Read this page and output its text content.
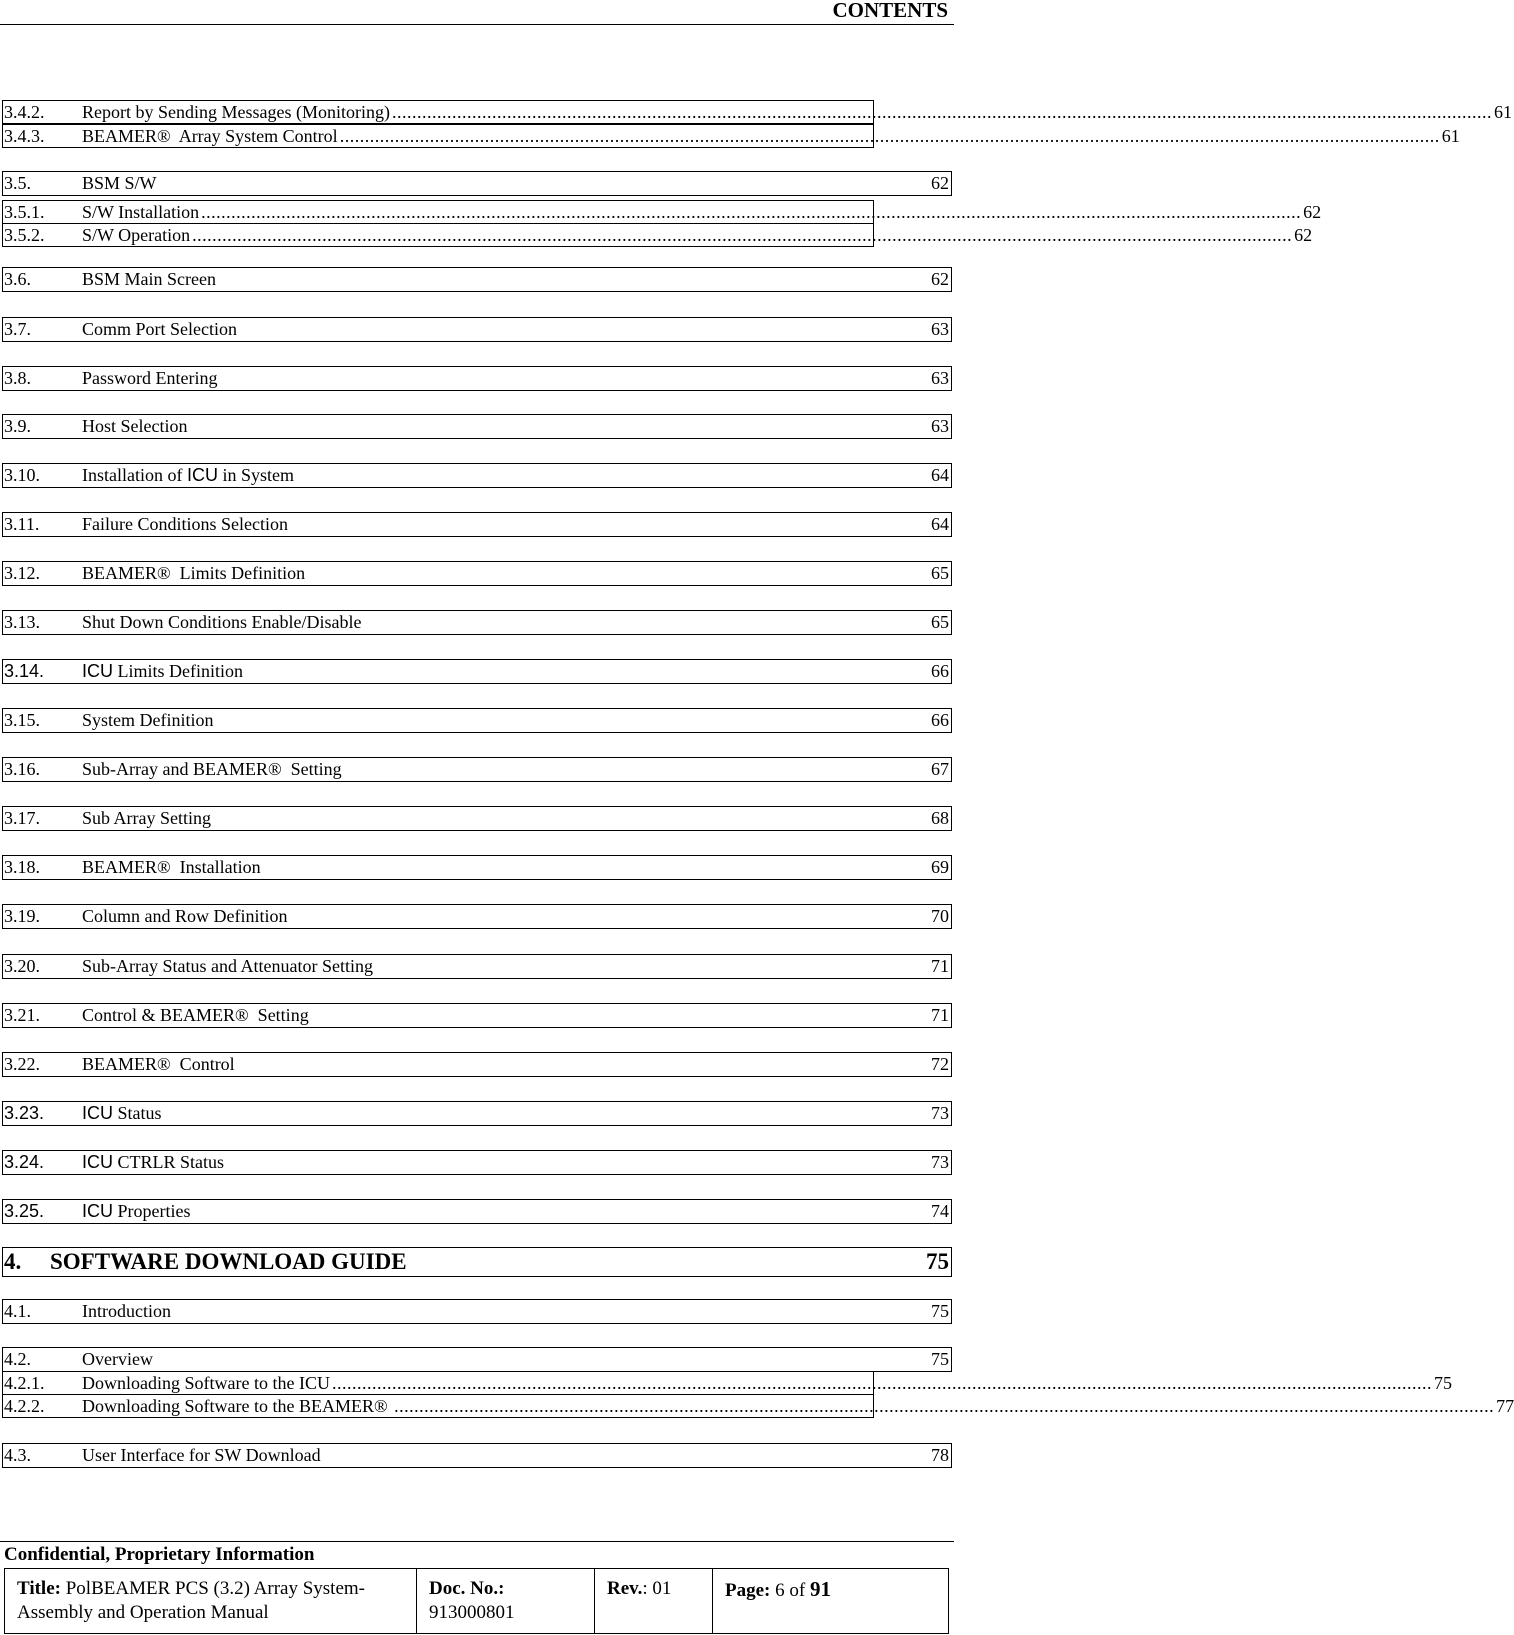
CONTENTS
3.4.2.	Report by Sending Messages (Monitoring) ............................................................................................................................................................................................................................ 61
3.4.3.	BEAMER®  Array System Control ............................................................................................................................................................................................................................ 61
3.5.	BSM S/W	62
3.5.1.	S/W Installation ............................................................................................................................................................................................................................ 62
3.5.2.	S/W Operation ............................................................................................................................................................................................................................ 62
3.6.	BSM Main Screen	62
3.7.	Comm Port Selection	63
3.8.	Password Entering	63
3.9.	Host Selection	63
3.10.	Installation of ICU in System	64
3.11.	Failure Conditions Selection	64
3.12.	BEAMER®  Limits Definition	65
3.13.	Shut Down Conditions Enable/Disable	65
3.14.	ICU Limits Definition	66
3.15.	System Definition	66
3.16.	Sub-Array and BEAMER®  Setting	67
3.17.	Sub Array Setting	68
3.18.	BEAMER®  Installation	69
3.19.	Column and Row Definition	70
3.20.	Sub-Array Status and Attenuator Setting	71
3.21.	Control & BEAMER®  Setting	71
3.22.	BEAMER®  Control	72
3.23.	ICU Status	73
3.24.	ICU CTRLR Status	73
3.25.	ICU Properties	74
4.	SOFTWARE DOWNLOAD GUIDE	75
4.1.	Introduction	75
4.2.	Overview	75
4.2.1.	Downloading Software to the ICU ............................................................................................................................................................................................................................ 75
4.2.2.	Downloading Software to the BEAMER® ............................................................................................................................................................................................................................ 77
4.3.	User Interface for SW Download	78
Confidential, Proprietary Information
Title: PolBEAMER PCS (3.2) Array System-
Assembly and Operation Manual
Doc. No.:
913000801
Rev.: 01	Page: 6 of 91
